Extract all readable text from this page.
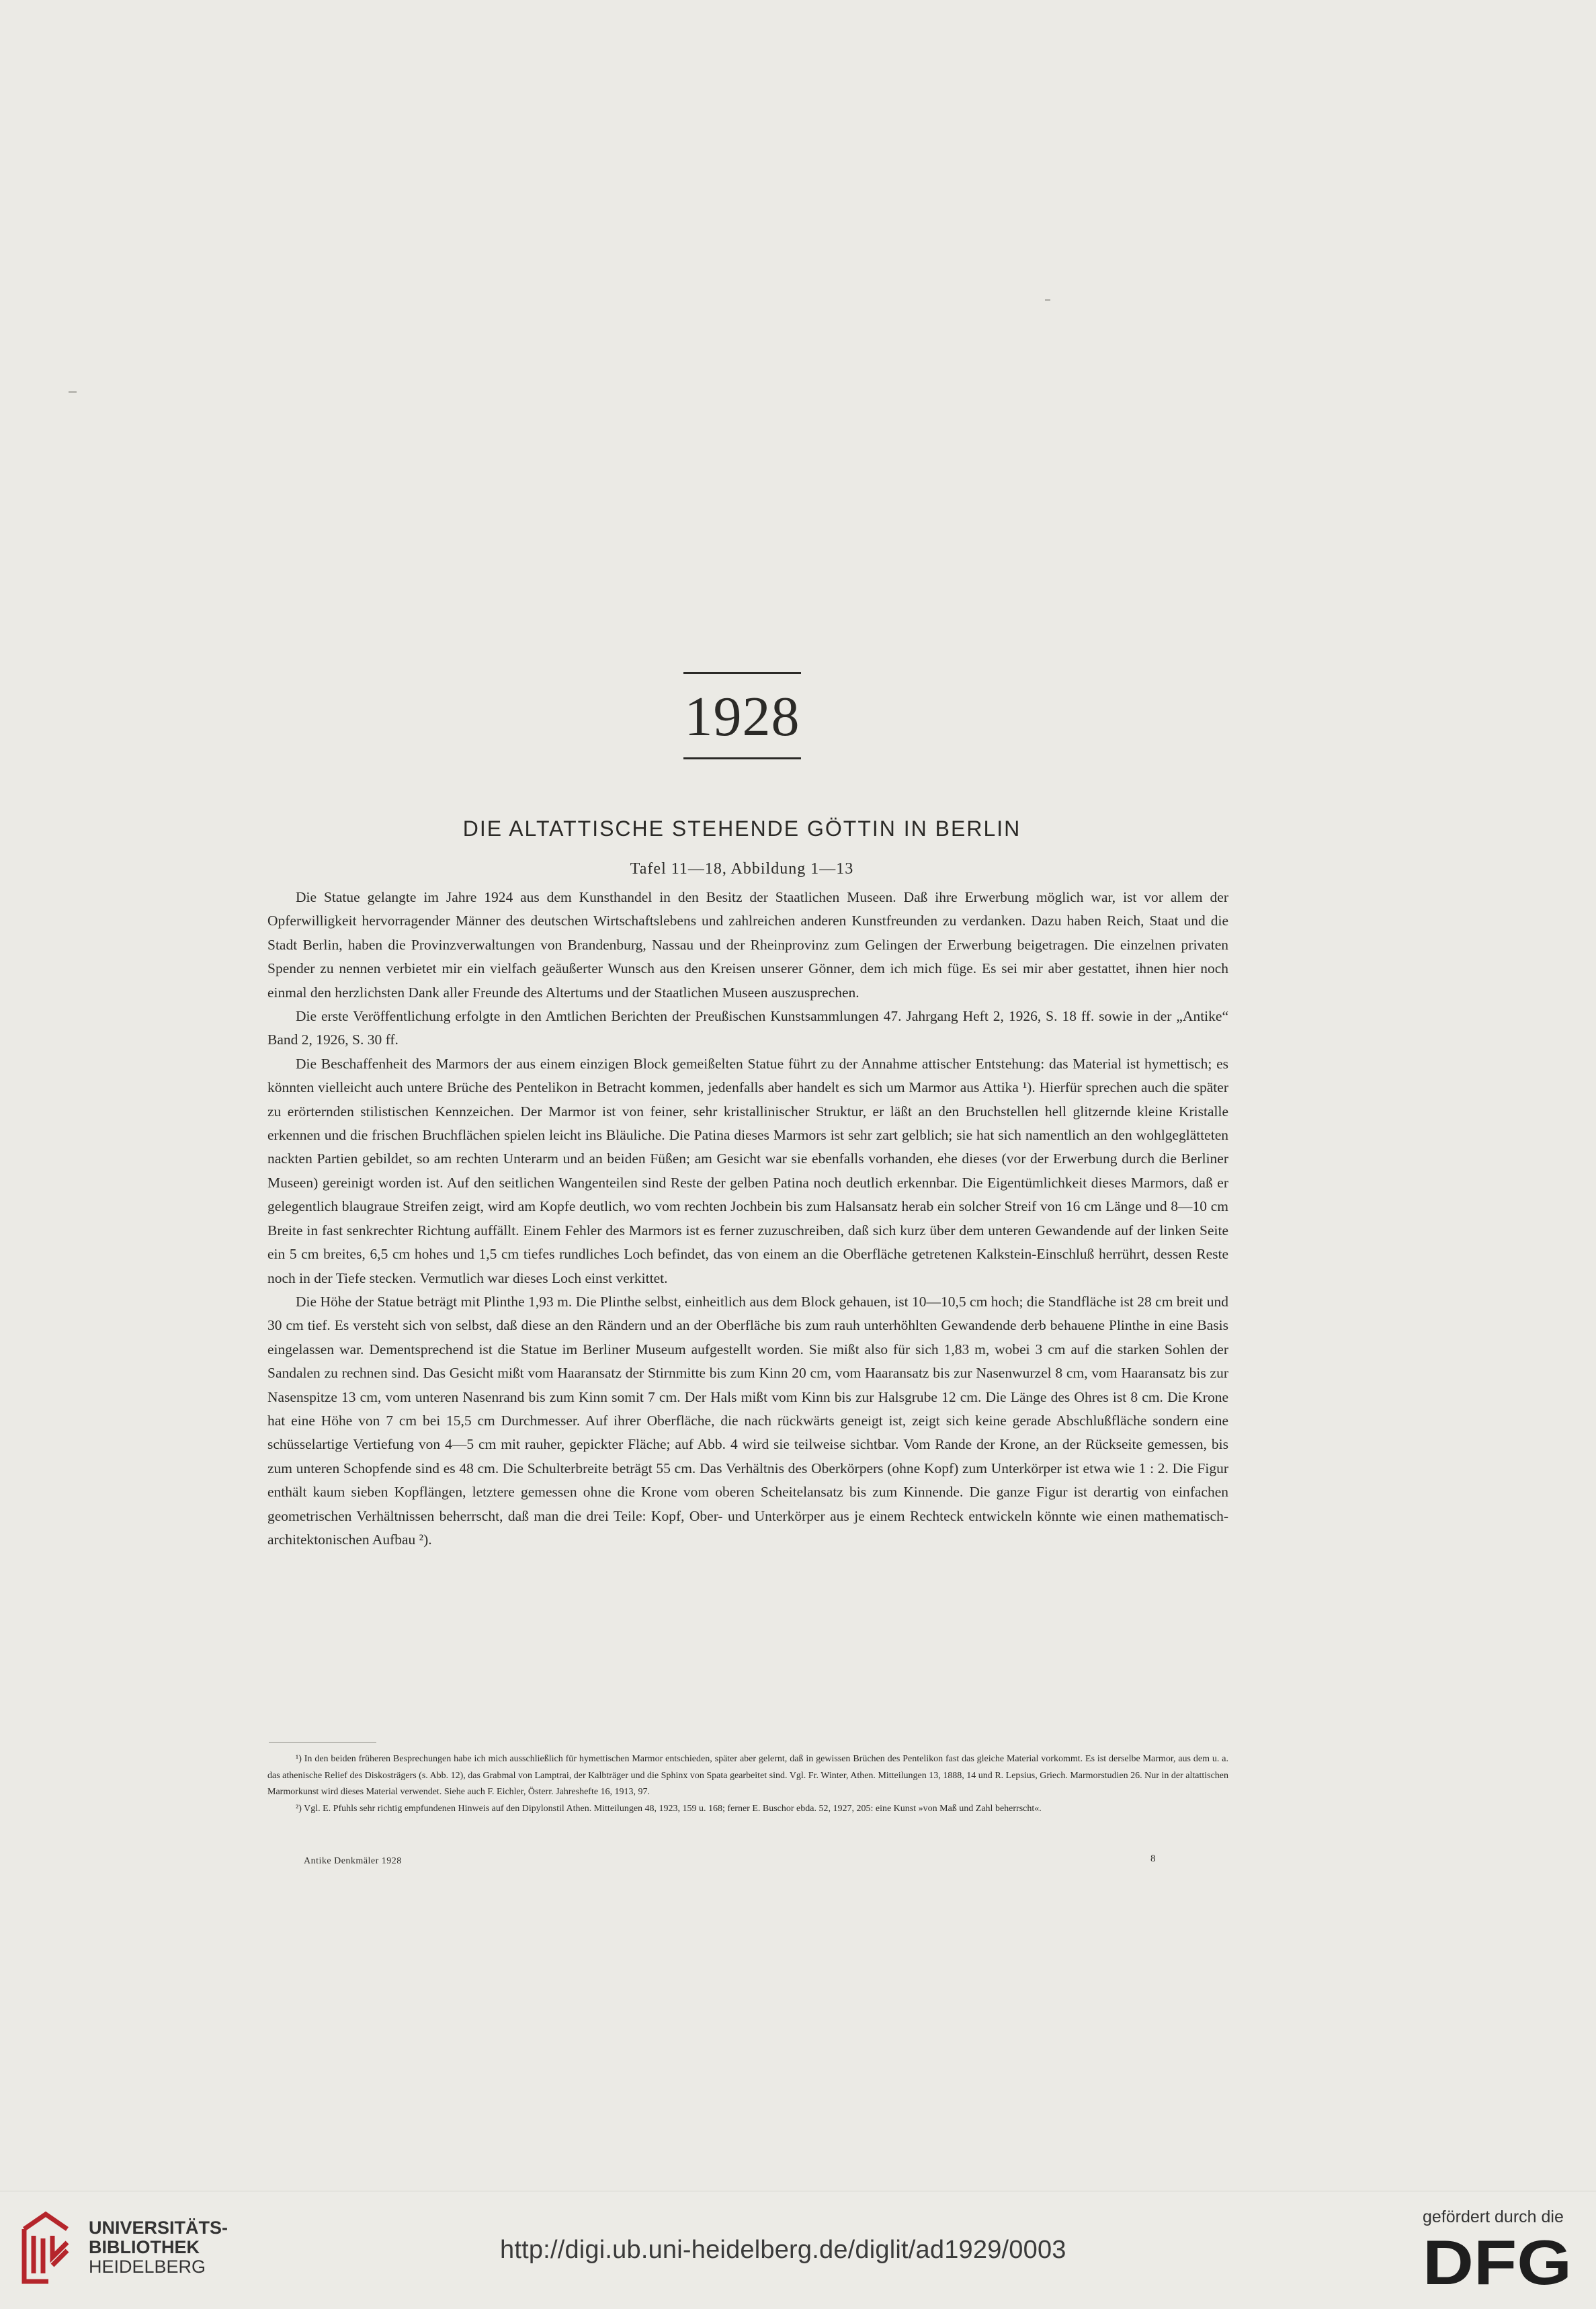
1928
DIE ALTATTISCHE STEHENDE GÖTTIN IN BERLIN
Tafel 11—18, Abbildung 1—13

Die Statue gelangte im Jahre 1924 aus dem Kunsthandel in den Besitz der Staatlichen Museen. Daß ihre Erwerbung möglich war, ist vor allem der Opferwilligkeit hervorragender Männer des deutschen Wirtschaftslebens und zahlreichen anderen Kunstfreunden zu verdanken. Dazu haben Reich, Staat und die Stadt Berlin, haben die Provinzverwaltungen von Brandenburg, Nassau und der Rheinprovinz zum Gelingen der Erwerbung beigetragen. Die einzelnen privaten Spender zu nennen verbietet mir ein vielfach geäußerter Wunsch aus den Kreisen unserer Gönner, dem ich mich füge. Es sei mir aber gestattet, ihnen hier noch einmal den herzlichsten Dank aller Freunde des Altertums und der Staatlichen Museen auszusprechen.

Die erste Veröffentlichung erfolgte in den Amtlichen Berichten der Preußischen Kunstsammlungen 47. Jahrgang Heft 2, 1926, S. 18 ff. sowie in der „Antike“ Band 2, 1926, S. 30 ff.

Die Beschaffenheit des Marmors der aus einem einzigen Block gemeißelten Statue führt zu der Annahme attischer Entstehung: das Material ist hymettisch; es könnten vielleicht auch untere Brüche des Pentelikon in Betracht kommen, jedenfalls aber handelt es sich um Marmor aus Attika ¹). Hierfür sprechen auch die später zu erörternden stilistischen Kennzeichen. Der Marmor ist von feiner, sehr kristallinischer Struktur, er läßt an den Bruchstellen hell glitzernde kleine Kristalle erkennen und die frischen Bruchflächen spielen leicht ins Bläuliche. Die Patina dieses Marmors ist sehr zart gelblich; sie hat sich namentlich an den wohlgeglätteten nackten Partien gebildet, so am rechten Unterarm und an beiden Füßen; am Gesicht war sie ebenfalls vorhanden, ehe dieses (vor der Erwerbung durch die Berliner Museen) gereinigt worden ist. Auf den seitlichen Wangenteilen sind Reste der gelben Patina noch deutlich erkennbar. Die Eigentümlichkeit dieses Marmors, daß er gelegentlich blaugraue Streifen zeigt, wird am Kopfe deutlich, wo vom rechten Jochbein bis zum Halsansatz herab ein solcher Streif von 16 cm Länge und 8—10 cm Breite in fast senkrechter Richtung auffällt. Einem Fehler des Marmors ist es ferner zuzuschreiben, daß sich kurz über dem unteren Gewandende auf der linken Seite ein 5 cm breites, 6,5 cm hohes und 1,5 cm tiefes rundliches Loch befindet, das von einem an die Oberfläche getretenen Kalkstein-Einschluß herrührt, dessen Reste noch in der Tiefe stecken. Vermutlich war dieses Loch einst verkittet.

Die Höhe der Statue beträgt mit Plinthe 1,93 m. Die Plinthe selbst, einheitlich aus dem Block gehauen, ist 10—10,5 cm hoch; die Standfläche ist 28 cm breit und 30 cm tief. Es versteht sich von selbst, daß diese an den Rändern und an der Oberfläche bis zum rauh unterhöhlten Gewandende derb behauene Plinthe in eine Basis eingelassen war. Dementsprechend ist die Statue im Berliner Museum aufgestellt worden. Sie mißt also für sich 1,83 m, wobei 3 cm auf die starken Sohlen der Sandalen zu rechnen sind. Das Gesicht mißt vom Haaransatz der Stirnmitte bis zum Kinn 20 cm, vom Haaransatz bis zur Nasenwurzel 8 cm, vom Haaransatz bis zur Nasenspitze 13 cm, vom unteren Nasenrand bis zum Kinn somit 7 cm. Der Hals mißt vom Kinn bis zur Halsgrube 12 cm. Die Länge des Ohres ist 8 cm. Die Krone hat eine Höhe von 7 cm bei 15,5 cm Durchmesser. Auf ihrer Oberfläche, die nach rückwärts geneigt ist, zeigt sich keine gerade Abschlußfläche sondern eine schüsselartige Vertiefung von 4—5 cm mit rauher, gepickter Fläche; auf Abb. 4 wird sie teilweise sichtbar. Vom Rande der Krone, an der Rückseite gemessen, bis zum unteren Schopfende sind es 48 cm. Die Schulterbreite beträgt 55 cm. Das Verhältnis des Oberkörpers (ohne Kopf) zum Unterkörper ist etwa wie 1 : 2. Die Figur enthält kaum sieben Kopflängen, letztere gemessen ohne die Krone vom oberen Scheitelansatz bis zum Kinnende. Die ganze Figur ist derartig von einfachen geometrischen Verhältnissen beherrscht, daß man die drei Teile: Kopf, Ober- und Unterkörper aus je einem Rechteck entwickeln könnte wie einen mathematisch-architektonischen Aufbau ²).

¹) In den beiden früheren Besprechungen habe ich mich ausschließlich für hymettischen Marmor entschieden, später aber gelernt, daß in gewissen Brüchen des Pentelikon fast das gleiche Material vorkommt. Es ist derselbe Marmor, aus dem u. a. das athenische Relief des Diskosträgers (s. Abb. 12), das Grabmal von Lamptrai, der Kalbträger und die Sphinx von Spata gearbeitet sind. Vgl. Fr. Winter, Athen. Mitteilungen 13, 1888, 14 und R. Lepsius, Griech. Marmorstudien 26. Nur in der altattischen Marmorkunst wird dieses Material verwendet. Siehe auch F. Eichler, Österr. Jahreshefte 16, 1913, 97.

²) Vgl. E. Pfuhls sehr richtig empfundenen Hinweis auf den Dipylonstil Athen. Mitteilungen 48, 1923, 159 u. 168; ferner E. Buschor ebda. 52, 1927, 205: eine Kunst »von Maß und Zahl beherrscht«.

Antike Denkmäler 1928	8
UNIVERSITÄTS-
BIBLIOTHEK
HEIDELBERG
http://digi.ub.uni-heidelberg.de/diglit/ad1929/0003
gefördert durch die
DFG
